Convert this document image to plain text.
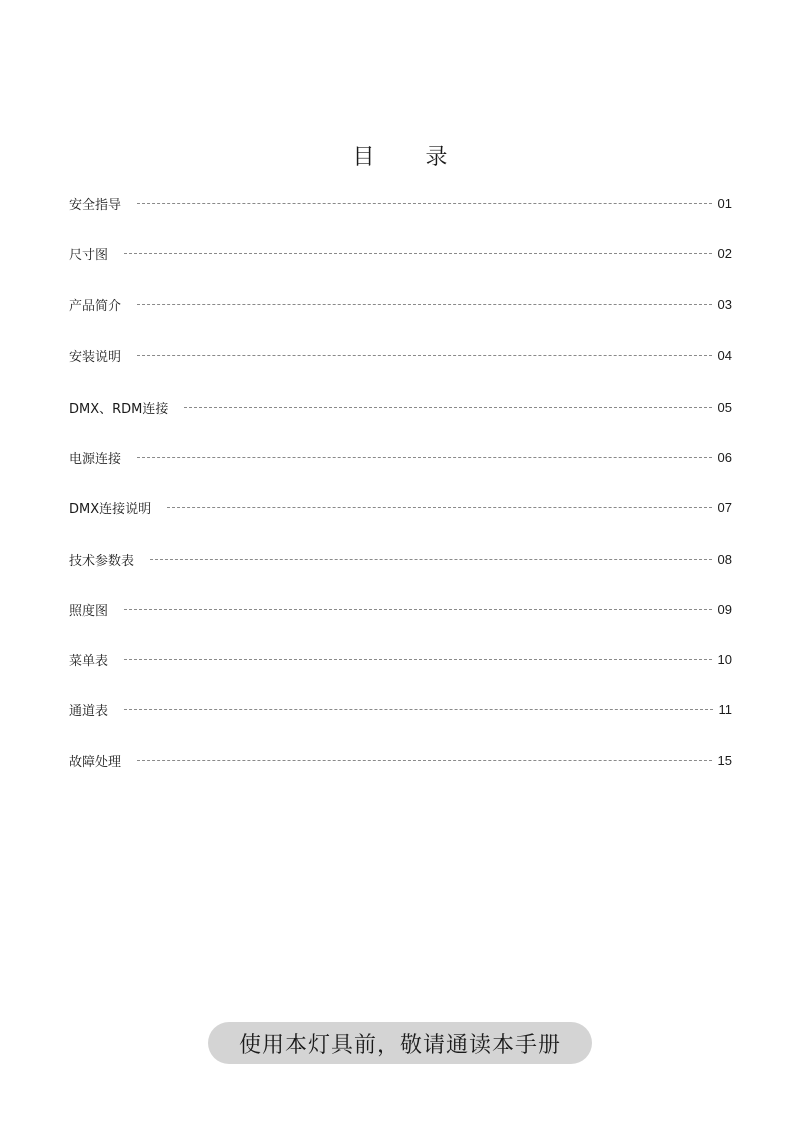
目 录
安全指导	01
尺寸图	02
产品简介	03
安装说明	04
DMX、RDM连接	05
电源连接	06
DMX连接说明	07
技术参数表	08
照度图	09
菜单表	10
通道表	11
故障处理	15
使用本灯具前，敬请通读本手册
